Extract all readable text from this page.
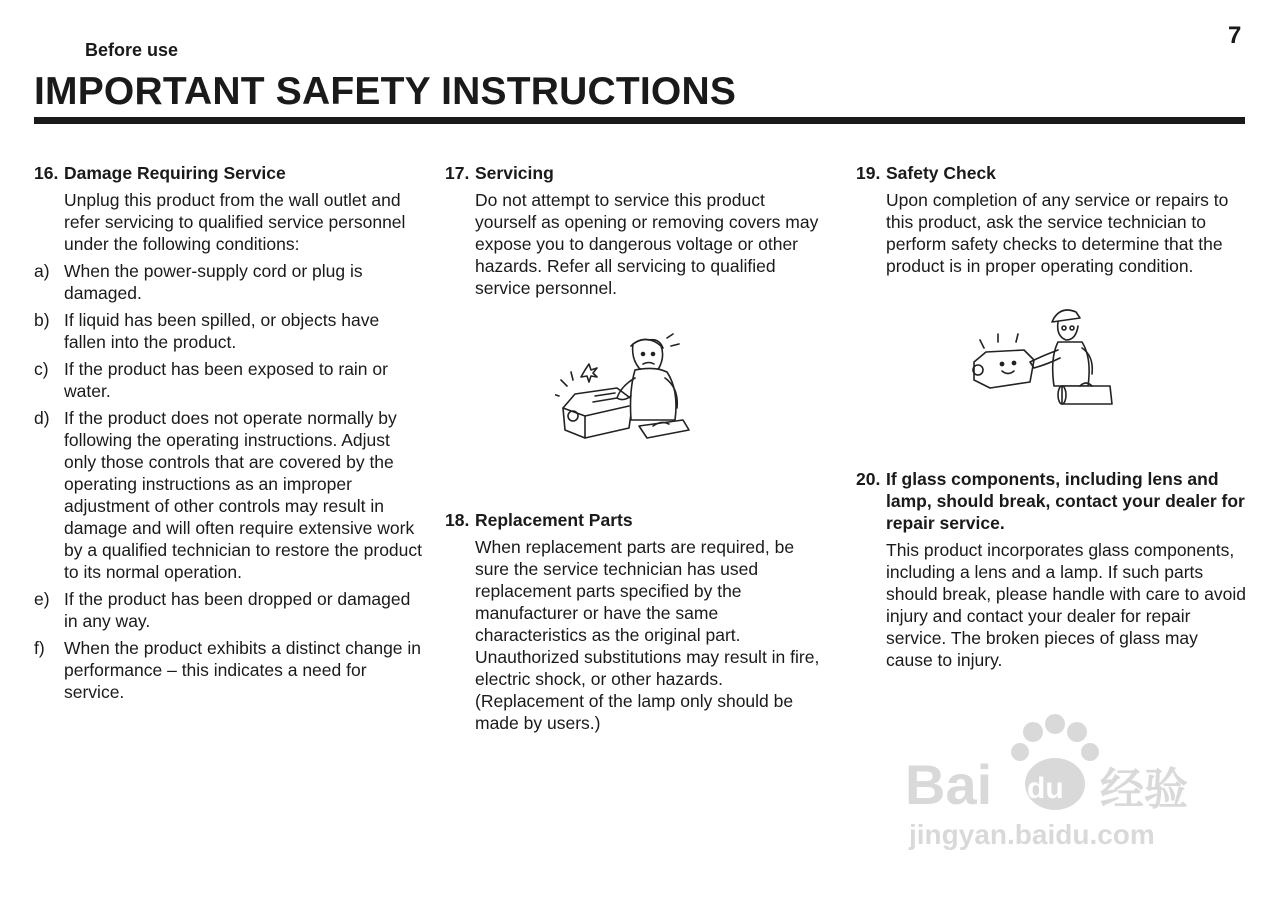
Before use
7
IMPORTANT SAFETY INSTRUCTIONS
16. Damage Requiring Service
Unplug this product from the wall outlet and refer servicing to qualified service personnel under the following conditions:
a) When the power-supply cord or plug is damaged.
b) If liquid has been spilled, or objects have fallen into the product.
c) If the product has been exposed to rain or water.
d) If the product does not operate normally by following the operating instructions. Adjust only those controls that are covered by the operating instructions as an improper adjustment of other controls may result in damage and will often require extensive work by a qualified technician to restore the product to its normal operation.
e) If the product has been dropped or damaged in any way.
f)	When the product exhibits a distinct change in performance – this indicates a need for service.
17. Servicing
Do not attempt to service this product yourself as opening or removing covers may expose you to dangerous voltage or other hazards. Refer all servicing to qualified service personnel.
18. Replacement Parts
When replacement parts are required, be sure the service technician has used replacement parts specified by the manufacturer or have the same characteristics as the original part. Unauthorized substitutions may result in fire, electric shock, or other hazards. (Replacement of the lamp only should be made by users.)
19. Safety Check
Upon completion of any service or repairs to this product, ask the service technician to perform safety checks to determine that the product is in proper operating condition.
20. If glass components, including lens and lamp, should break, contact your dealer for repair service.
This product incorporates glass components, including a lens and a lamp. If such parts should break, please handle with care to avoid injury and contact your dealer for repair service. The broken pieces of glass may cause to injury.
Bai du 经验
jingyan.baidu.com
